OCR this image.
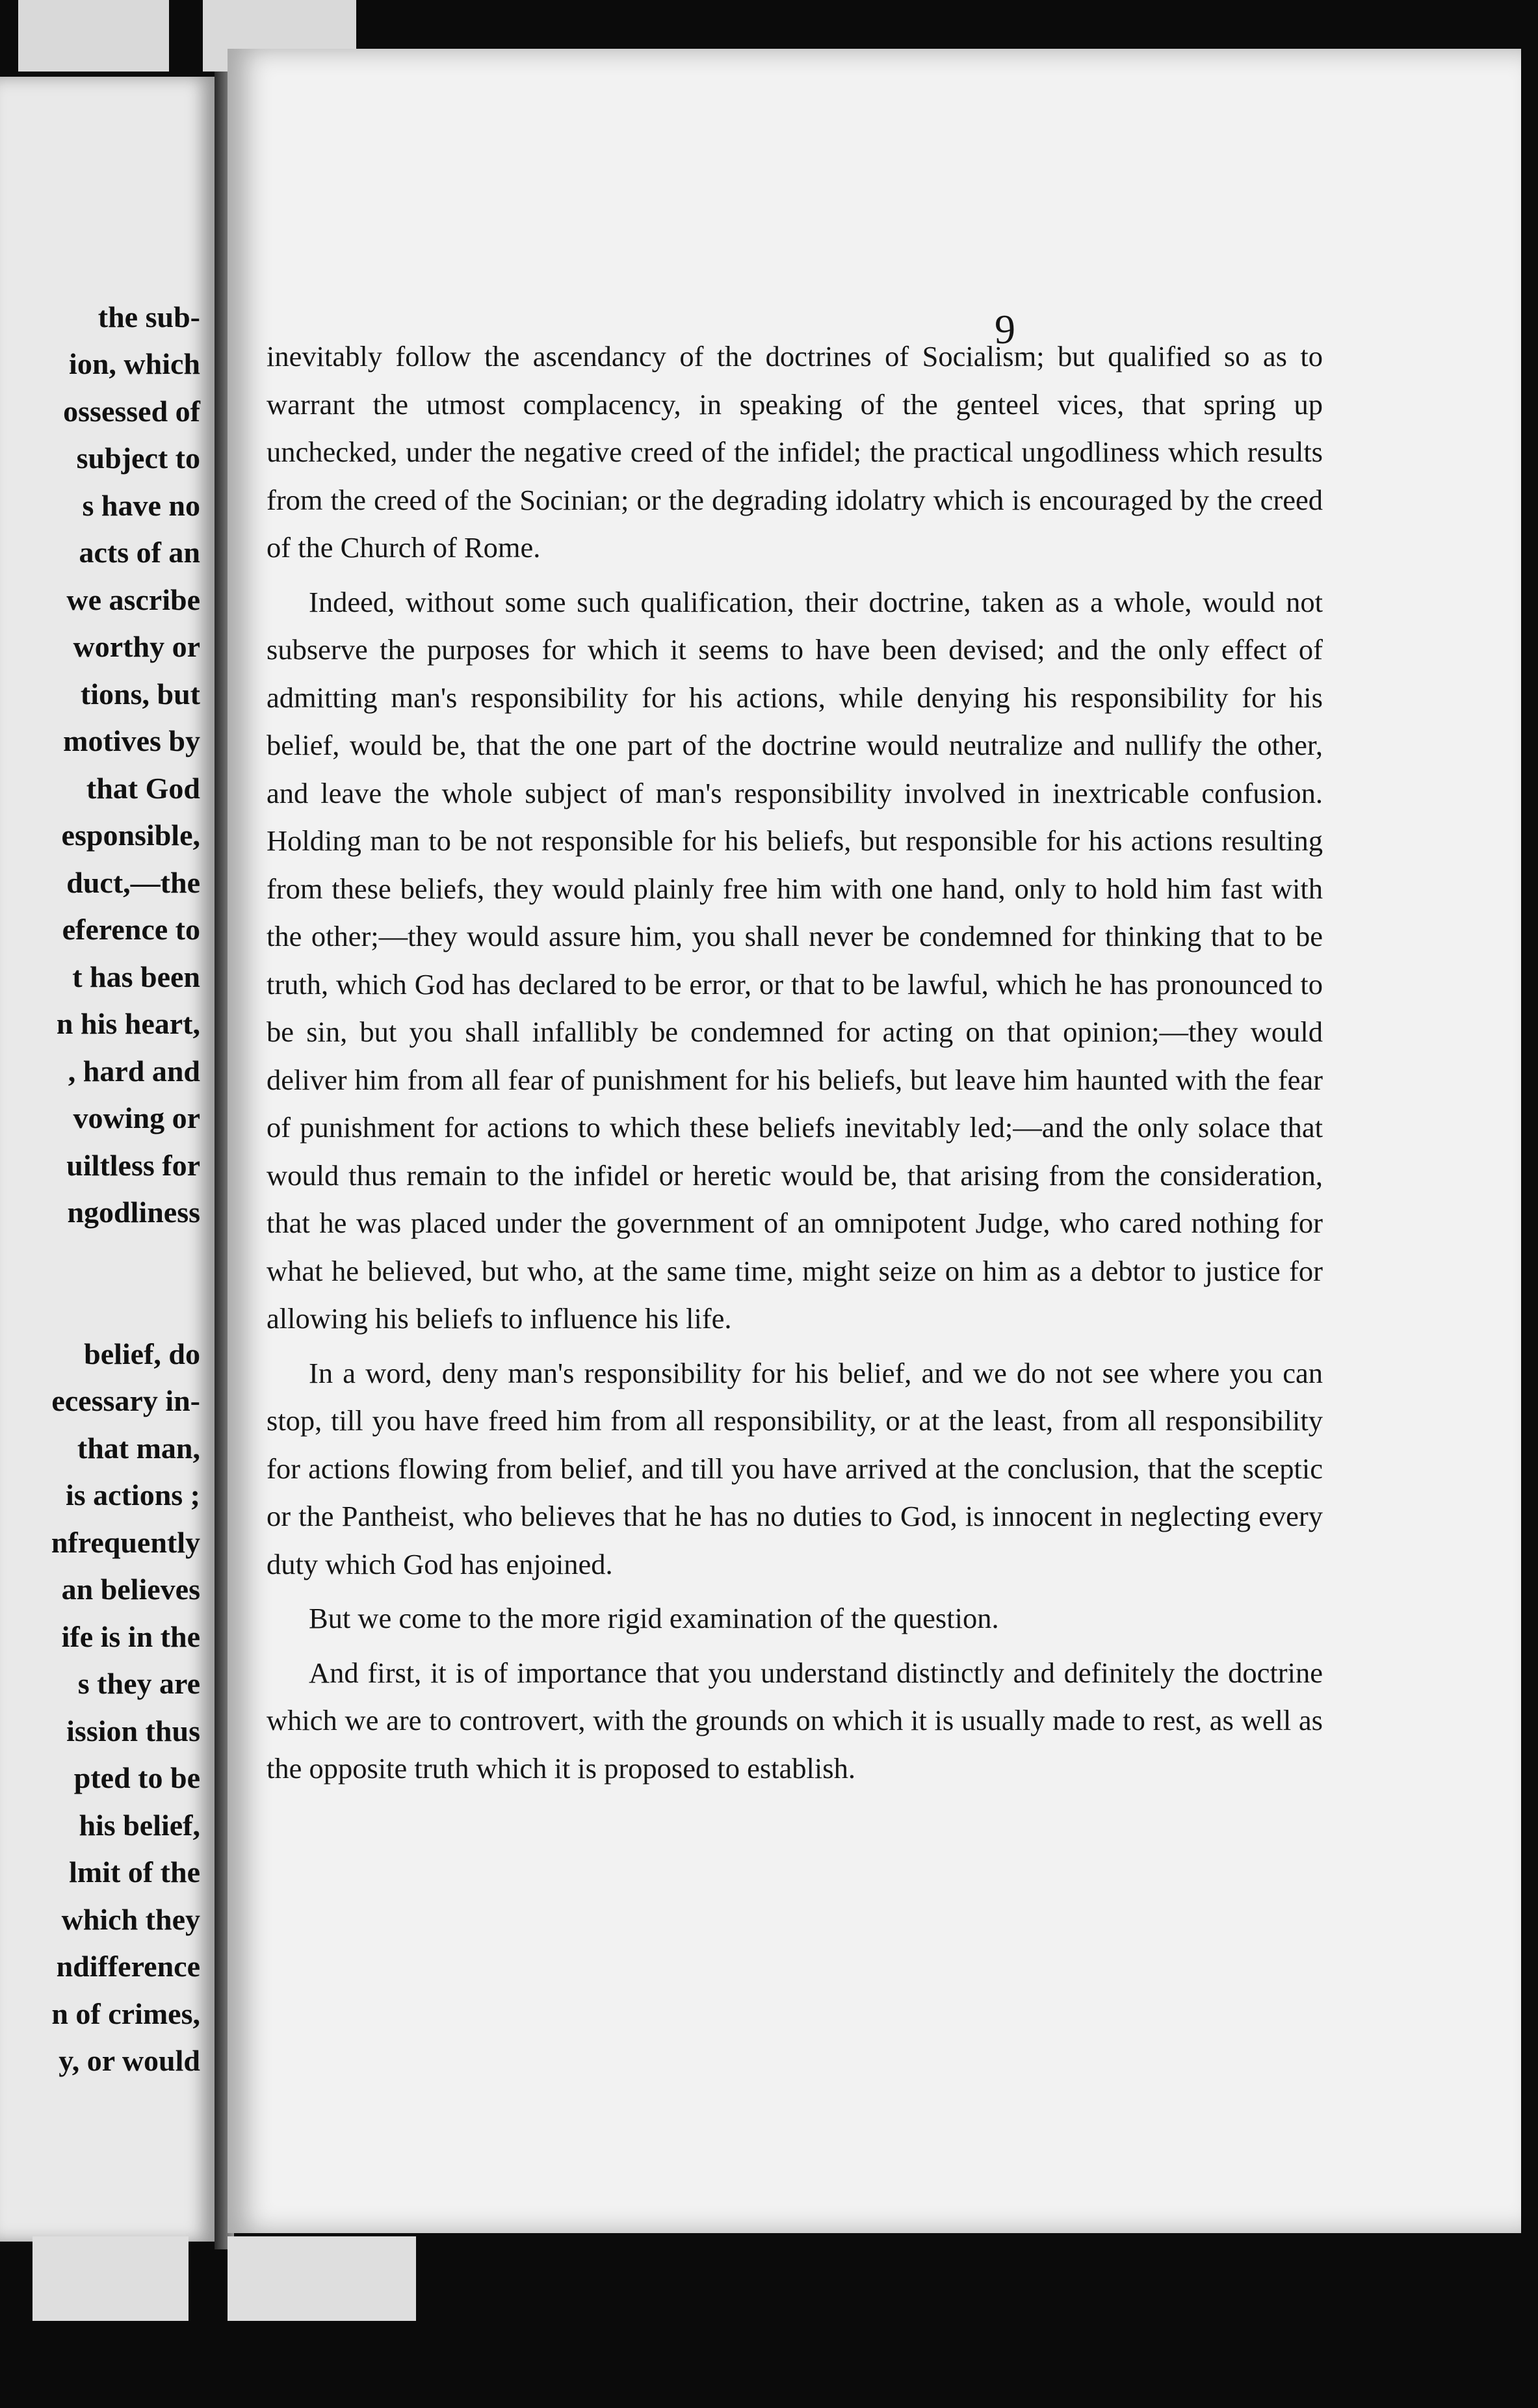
the sub-
ion, which
ossessed of
subject to
s have no
acts of an
we ascribe
worthy or
tions, but
motives by
that God
esponsible,
duct,—the
eference to
t has been
n his heart,
, hard and
vowing or
uiltless for
ngodliness
belief, do
ecessary in-
that man,
is actions ;
nfrequently
an believes
ife is in the
s they are
ission thus
pted to be
his belief,
lmit of the
which they
ndifference
n of crimes,
y, or would
9

inevitably follow the ascendancy of the doctrines of Socialism; but qualified so as to warrant the utmost complacency, in speaking of the genteel vices, that spring up unchecked, under the negative creed of the infidel; the practical ungodliness which results from the creed of the Socinian; or the degrading idolatry which is encouraged by the creed of the Church of Rome.

Indeed, without some such qualification, their doctrine, taken as a whole, would not subserve the purposes for which it seems to have been devised; and the only effect of admitting man's responsibility for his actions, while denying his responsibility for his belief, would be, that the one part of the doctrine would neutralize and nullify the other, and leave the whole subject of man's responsibility involved in inextricable confusion. Holding man to be not responsible for his beliefs, but responsible for his actions resulting from these beliefs, they would plainly free him with one hand, only to hold him fast with the other;—they would assure him, you shall never be condemned for thinking that to be truth, which God has declared to be error, or that to be lawful, which he has pronounced to be sin, but you shall infallibly be condemned for acting on that opinion;—they would deliver him from all fear of punishment for his beliefs, but leave him haunted with the fear of punishment for actions to which these beliefs inevitably led;—and the only solace that would thus remain to the infidel or heretic would be, that arising from the consideration, that he was placed under the government of an omnipotent Judge, who cared nothing for what he believed, but who, at the same time, might seize on him as a debtor to justice for allowing his beliefs to influence his life.

In a word, deny man's responsibility for his belief, and we do not see where you can stop, till you have freed him from all responsibility, or at the least, from all responsibility for actions flowing from belief, and till you have arrived at the conclusion, that the sceptic or the Pantheist, who believes that he has no duties to God, is innocent in neglecting every duty which God has enjoined.

But we come to the more rigid examination of the question.

And first, it is of importance that you understand distinctly and definitely the doctrine which we are to controvert, with the grounds on which it is usually made to rest, as well as the opposite truth which it is proposed to establish.
